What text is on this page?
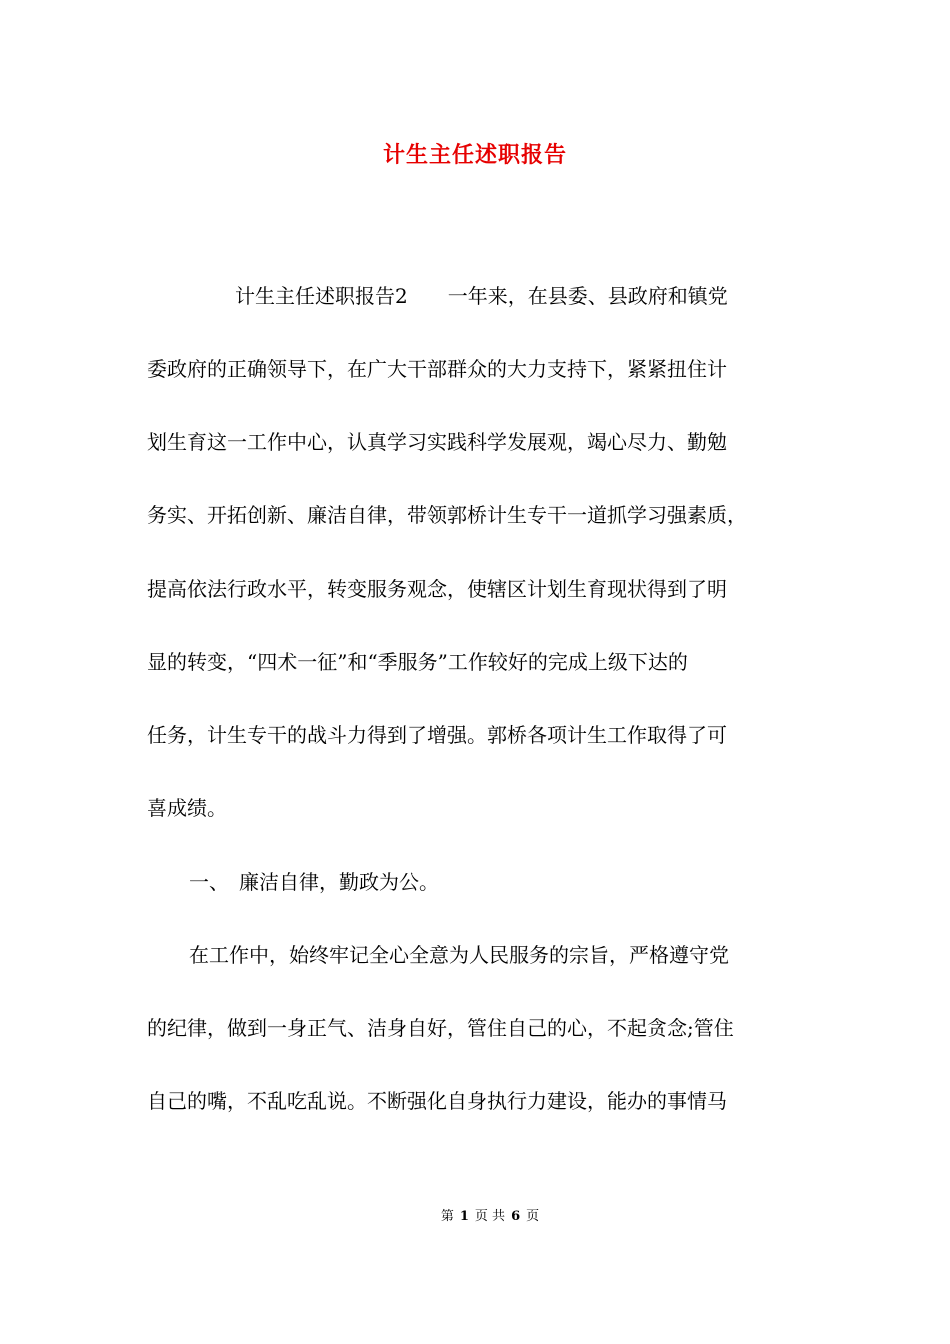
计生主任述职报告
计生主任述职报告2　　一年来，在县委、县政府和镇党
委政府的正确领导下，在广大干部群众的大力支持下，紧紧扭住计
划生育这一工作中心，认真学习实践科学发展观，竭心尽力、勤勉
务实、开拓创新、廉洁自律，带领郭桥计生专干一道抓学习强素质，
提高依法行政水平，转变服务观念，使辖区计划生育现状得到了明
显的转变，“四术一征”和“季服务”工作较好的完成上级下达的
任务，计生专干的战斗力得到了增强。郭桥各项计生工作取得了可
喜成绩。
一、　廉洁自律，勤政为公。
在工作中，始终牢记全心全意为人民服务的宗旨，严格遵守党
的纪律，做到一身正气、洁身自好，管住自己的心，不起贪念;管住
自己的嘴，不乱吃乱说。不断强化自身执行力建设，能办的事情马
第 1 页 共 6 页
